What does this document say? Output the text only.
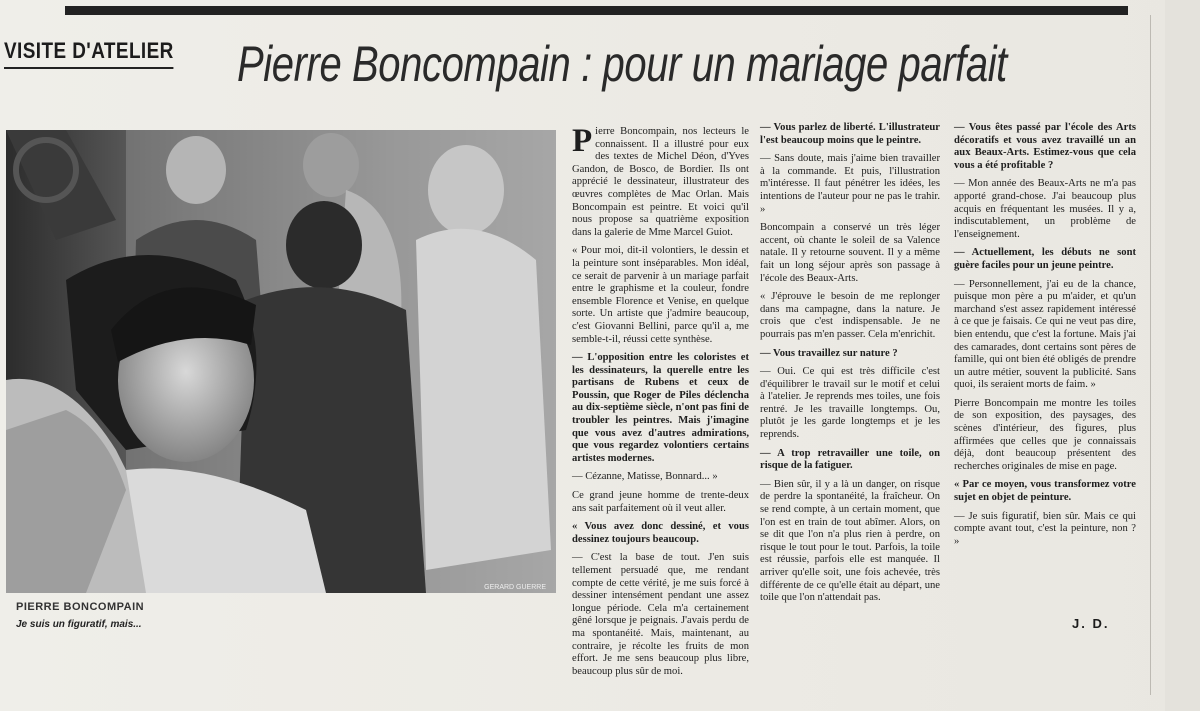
VISITE D'ATELIER Pierre Boncompain : pour un mariage parfait
GERARD GUERRE
PIERRE BONCOMPAIN
Je suis un figuratif, mais...

Pierre Boncompain, nos lecteurs le connaissent. Il a illustré pour eux des textes de Michel Déon, d'Yves Gandon, de Bosco, de Bordier. Ils ont apprécié le dessinateur, illustrateur des œuvres complètes de Mac Orlan. Mais Boncompain est peintre. Et voici qu'il nous propose sa quatrième exposition dans la galerie de Mme Marcel Guiot.

« Pour moi, dit-il volontiers, le dessin et la peinture sont inséparables. Mon idéal, ce serait de parvenir à un mariage parfait entre le graphisme et la couleur, fondre ensemble Florence et Venise, en quelque sorte. Un artiste que j'admire beaucoup, c'est Giovanni Bellini, parce qu'il a, me semble-t-il, réussi cette synthèse.

— L'opposition entre les coloristes et les dessinateurs, la querelle entre les partisans de Rubens et ceux de Poussin, que Roger de Piles déclencha au dix-septième siècle, n'ont pas fini de troubler les peintres. Mais j'imagine que vous avez d'autres admirations, que vous regardez volontiers certains artistes modernes.

— Cézanne, Matisse, Bonnard... »

Ce grand jeune homme de trente-deux ans sait parfaitement où il veut aller.

« Vous avez donc dessiné, et vous dessinez toujours beaucoup.

— C'est la base de tout. J'en suis tellement persuadé que, me rendant compte de cette vérité, je me suis forcé à dessiner intensément pendant une assez longue période. Cela m'a certainement gêné lorsque je peignais. J'avais perdu de ma spontanéité. Mais, maintenant, au contraire, je récolte les fruits de mon effort. Je me sens beaucoup plus libre, beaucoup plus sûr de moi.

— Vous parlez de liberté. L'illustrateur l'est beaucoup moins que le peintre.

— Sans doute, mais j'aime bien travailler à la commande. Et puis, l'illustration m'intéresse. Il faut pénétrer les idées, les intentions de l'auteur pour ne pas le trahir. »

Boncompain a conservé un très léger accent, où chante le soleil de sa Valence natale. Il y retourne souvent. Il y a même fait un long séjour après son passage à l'école des Beaux-Arts.

« J'éprouve le besoin de me replonger dans ma campagne, dans la nature. Je crois que c'est indispensable. Je ne pourrais pas m'en passer. Cela m'enrichit.

— Vous travaillez sur nature ?

— Oui. Ce qui est très difficile c'est d'équilibrer le travail sur le motif et celui à l'atelier. Je reprends mes toiles, une fois rentré. Je les travaille longtemps. Ou, plutôt je les garde longtemps et je les reprends.

— A trop retravailler une toile, on risque de la fatiguer.

— Bien sûr, il y a là un danger, on risque de perdre la spontanéité, la fraîcheur. On se rend compte, à un certain moment, que l'on est en train de tout abîmer. Alors, on se dit que l'on n'a plus rien à perdre, on risque le tout pour le tout. Parfois, la toile est réussie, parfois elle est manquée. Il arriver qu'elle soit, une fois achevée, très différente de ce qu'elle était au départ, une toile que l'on n'attendait pas.

— Vous êtes passé par l'école des Arts décoratifs et vous avez travaillé un an aux Beaux-Arts. Estimez-vous que cela vous a été profitable ?

— Mon année des Beaux-Arts ne m'a pas apporté grand-chose. J'ai beaucoup plus acquis en fréquentant les musées. Il y a, indiscutablement, un problème de l'enseignement.

— Actuellement, les débuts ne sont guère faciles pour un jeune peintre.

— Personnellement, j'ai eu de la chance, puisque mon père a pu m'aider, et qu'un marchand s'est assez rapidement intéressé à ce que je faisais. Ce qui ne veut pas dire, bien entendu, que c'est la fortune. Mais j'ai des camarades, dont certains sont pères de famille, qui ont bien été obligés de prendre un autre métier, souvent la publicité. Sans quoi, ils seraient morts de faim. »

Pierre Boncompain me montre les toiles de son exposition, des paysages, des scènes d'intérieur, des figures, plus affirmées que celles que je connaissais déjà, dont beaucoup présentent des recherches originales de mise en page.

« Par ce moyen, vous transformez votre sujet en objet de peinture.

— Je suis figuratif, bien sûr. Mais ce qui compte avant tout, c'est la peinture, non ? »

J. D.
